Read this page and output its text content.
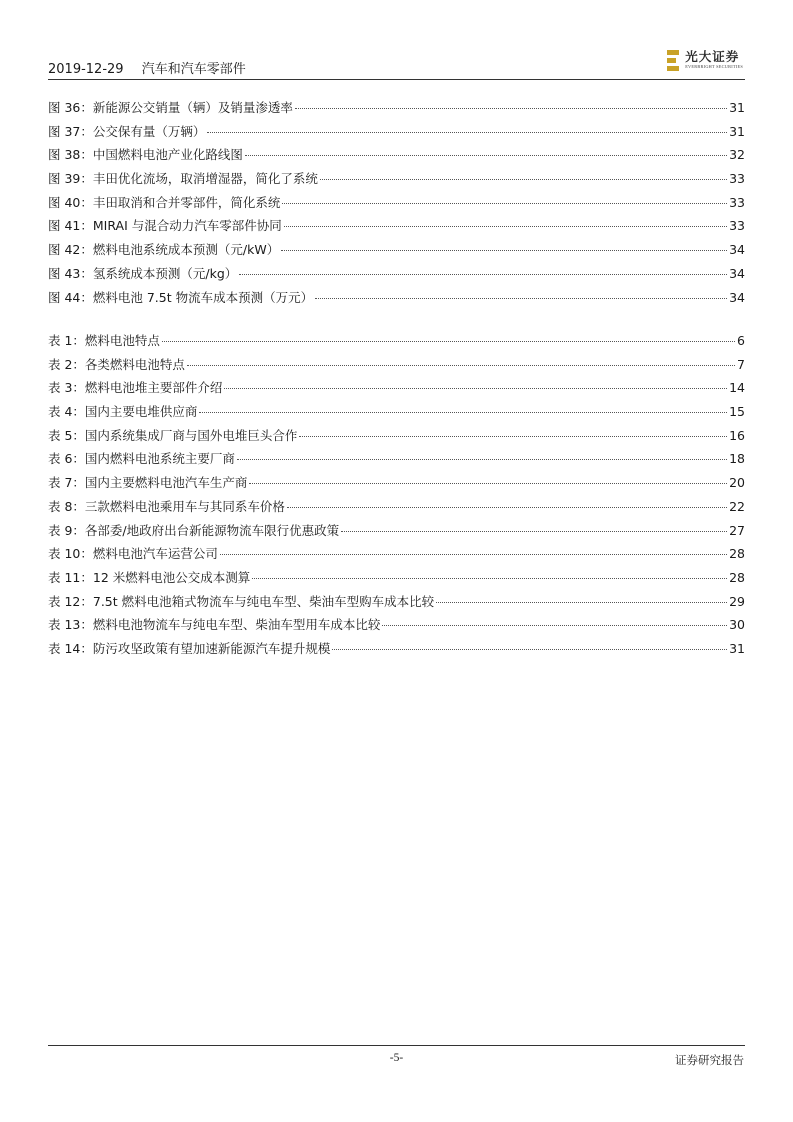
2019-12-29 汽车和汽车零部件
光大证券
EVERBRIGHT SECURITIES
图 36：新能源公交销量（辆）及销量渗透率	31
图 37：公交保有量（万辆）	31
图 38：中国燃料电池产业化路线图	32
图 39：丰田优化流场，取消增湿器，简化了系统	33
图 40：丰田取消和合并零部件，简化系统	33
图 41：MIRAI 与混合动力汽车零部件协同	33
图 42：燃料电池系统成本预测（元/kW）	34
图 43：氢系统成本预测（元/kg）	34
图 44：燃料电池 7.5t 物流车成本预测（万元）	34
表 1：燃料电池特点	6
表 2：各类燃料电池特点	7
表 3：燃料电池堆主要部件介绍	14
表 4：国内主要电堆供应商	15
表 5：国内系统集成厂商与国外电堆巨头合作	16
表 6：国内燃料电池系统主要厂商	18
表 7：国内主要燃料电池汽车生产商	20
表 8：三款燃料电池乘用车与其同系车价格	22
表 9：各部委/地政府出台新能源物流车限行优惠政策	27
表 10：燃料电池汽车运营公司	28
表 11：12 米燃料电池公交成本测算	28
表 12：7.5t 燃料电池箱式物流车与纯电车型、柴油车型购车成本比较	29
表 13：燃料电池物流车与纯电车型、柴油车型用车成本比较	30
表 14：防污攻坚政策有望加速新能源汽车提升规模	31
-5-	证券研究报告
